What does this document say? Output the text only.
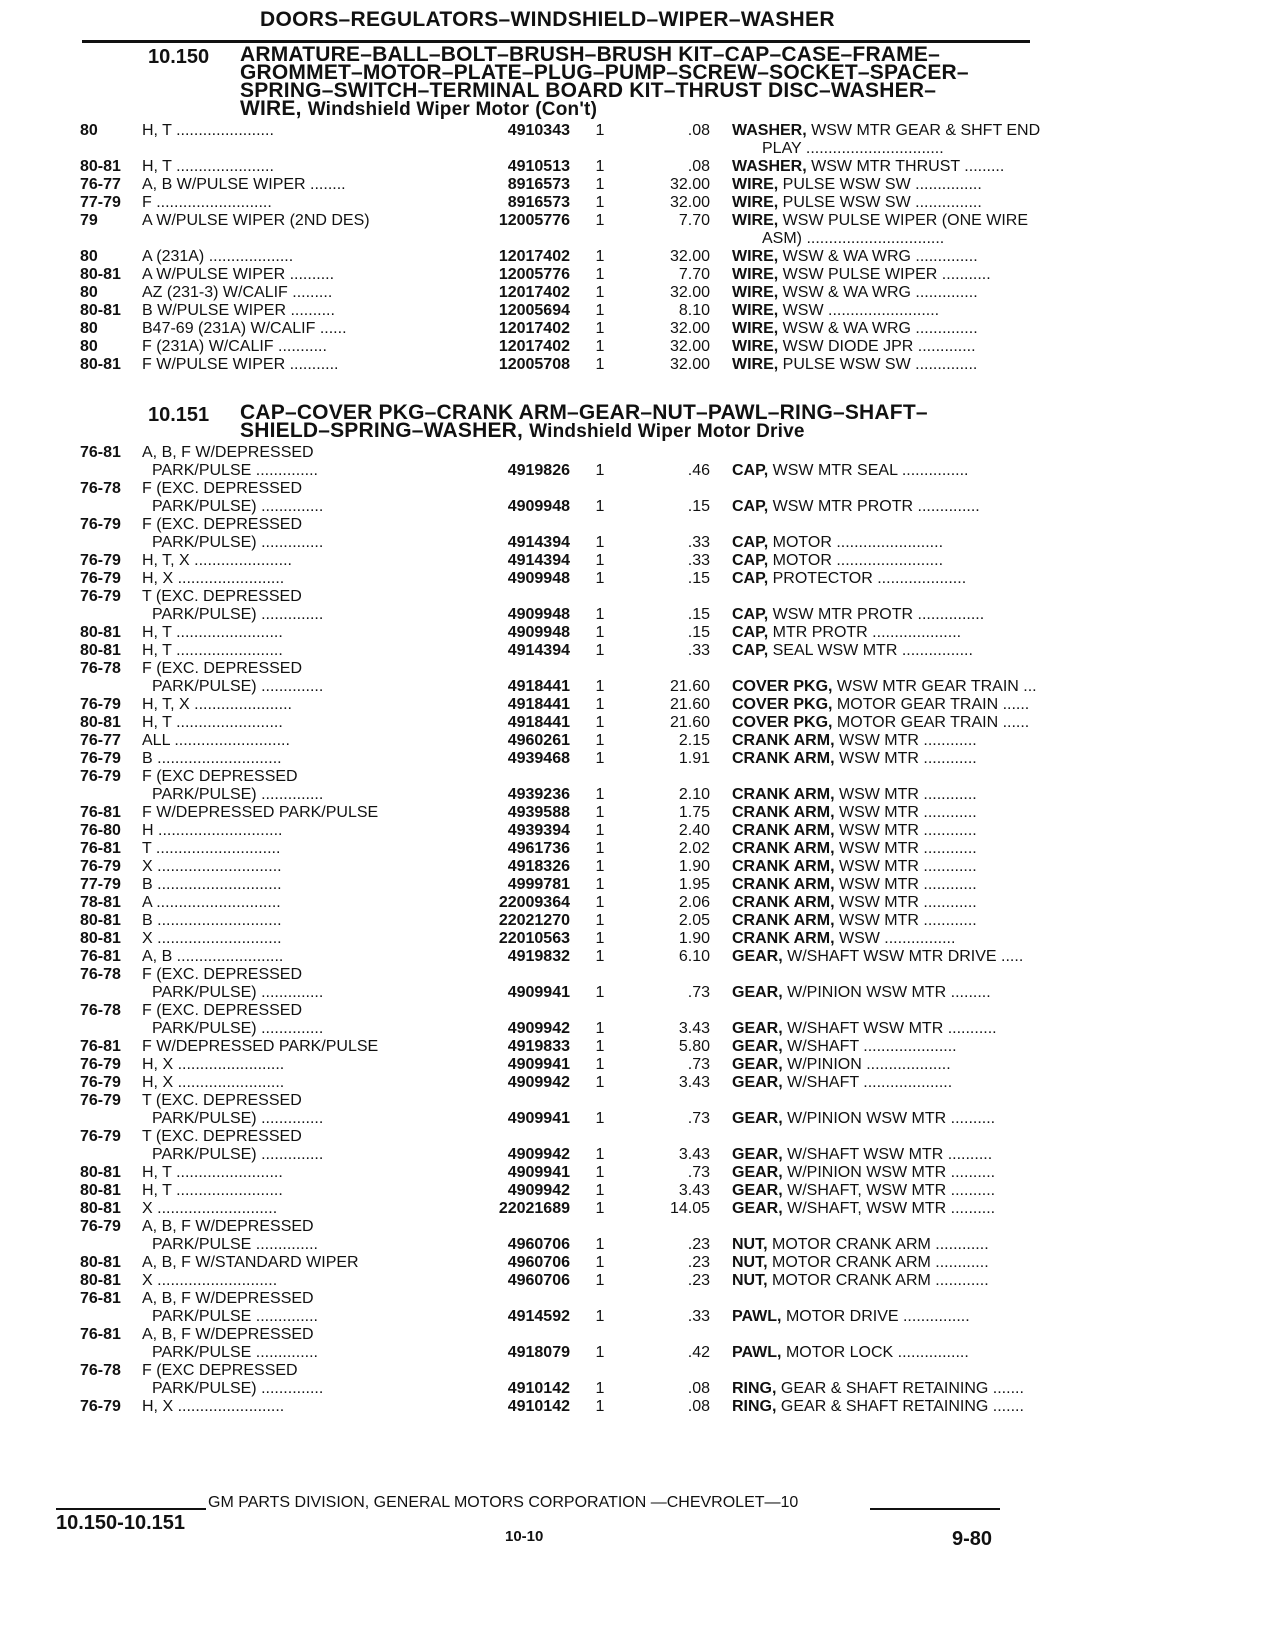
DOORS–REGULATORS–WINDSHIELD–WIPER–WASHER
10.150 ARMATURE–BALL–BOLT–BRUSH–BRUSH KIT–CAP–CASE–FRAME–
GROMMET–MOTOR–PLATE–PLUG–PUMP–SCREW–SOCKET–SPACER–
SPRING–SWITCH–TERMINAL BOARD KIT–THRUST DISC–WASHER–
WIRE, Windshield Wiper Motor (Con't)
80	H, T ......................	4910343	1	.08 WASHER, WSW MTR GEAR & SHFT END
PLAY ...............................
80-81	H, T ......................	4910513	1	.08 WASHER, WSW MTR THRUST .........
76-77	A, B W/PULSE WIPER ........	8916573	1	32.00 WIRE, PULSE WSW SW ...............
77-79	F ..........................	8916573	1	32.00 WIRE, PULSE WSW SW ...............
79	A W/PULSE WIPER (2ND DES)	12005776	1	7.70 WIRE, WSW PULSE WIPER (ONE WIRE
ASM) ...............................
80	A (231A) ...................	12017402	1	32.00 WIRE, WSW & WA WRG ..............
80-81	A W/PULSE WIPER ..........	12005776	1	7.70 WIRE, WSW PULSE WIPER ...........
80	AZ (231-3) W/CALIF .........	12017402	1	32.00 WIRE, WSW & WA WRG ..............
80-81	B W/PULSE WIPER ..........	12005694	1	8.10 WIRE, WSW .........................
80	B47-69 (231A) W/CALIF ......	12017402	1	32.00 WIRE, WSW & WA WRG ..............
80	F (231A) W/CALIF ...........	12017402	1	32.00 WIRE, WSW DIODE JPR .............
80-81	F W/PULSE WIPER ...........	12005708	1	32.00 WIRE, PULSE WSW SW ..............
10.151 CAP–COVER PKG–CRANK ARM–GEAR–NUT–PAWL–RING–SHAFT–
SHIELD–SPRING–WASHER, Windshield Wiper Motor Drive
76-81	A, B, F W/DEPRESSED
PARK/PULSE ..............	4919826	1	.46 CAP, WSW MTR SEAL ...............
76-78	F (EXC. DEPRESSED
PARK/PULSE) ..............	4909948	1	.15 CAP, WSW MTR PROTR ..............
76-79	F (EXC. DEPRESSED
PARK/PULSE) ..............	4914394	1	.33 CAP, MOTOR ........................
76-79	H, T, X ......................	4914394	1	.33 CAP, MOTOR ........................
76-79	H, X ........................	4909948	1	.15 CAP, PROTECTOR ....................
76-79	T (EXC. DEPRESSED
PARK/PULSE) ..............	4909948	1	.15 CAP, WSW MTR PROTR ...............
80-81	H, T ........................	4909948	1	.15 CAP, MTR PROTR ....................
80-81	H, T ........................	4914394	1	.33 CAP, SEAL WSW MTR ................
76-78	F (EXC. DEPRESSED
PARK/PULSE) ..............	4918441	1	21.60 COVER PKG, WSW MTR GEAR TRAIN ...
76-79	H, T, X ......................	4918441	1	21.60 COVER PKG, MOTOR GEAR TRAIN ......
80-81	H, T ........................	4918441	1	21.60 COVER PKG, MOTOR GEAR TRAIN ......
76-77	ALL ..........................	4960261	1	2.15 CRANK ARM, WSW MTR ............
76-79	B ............................	4939468	1	1.91 CRANK ARM, WSW MTR ............
76-79	F (EXC DEPRESSED
PARK/PULSE) ..............	4939236	1	2.10 CRANK ARM, WSW MTR ............
76-81	F W/DEPRESSED PARK/PULSE	4939588	1	1.75 CRANK ARM, WSW MTR ............
76-80	H ............................	4939394	1	2.40 CRANK ARM, WSW MTR ............
76-81	T ............................	4961736	1	2.02 CRANK ARM, WSW MTR ............
76-79	X ............................	4918326	1	1.90 CRANK ARM, WSW MTR ............
77-79	B ............................	4999781	1	1.95 CRANK ARM, WSW MTR ............
78-81	A ............................	22009364	1	2.06 CRANK ARM, WSW MTR ............
80-81	B ............................	22021270	1	2.05 CRANK ARM, WSW MTR ............
80-81	X ............................	22010563	1	1.90 CRANK ARM, WSW ................
76-81	A, B ........................	4919832	1	6.10 GEAR, W/SHAFT WSW MTR DRIVE .....
76-78	F (EXC. DEPRESSED
PARK/PULSE) ..............	4909941	1	.73 GEAR, W/PINION WSW MTR .........
76-78	F (EXC. DEPRESSED
PARK/PULSE) ..............	4909942	1	3.43 GEAR, W/SHAFT WSW MTR ...........
76-81	F W/DEPRESSED PARK/PULSE	4919833	1	5.80 GEAR, W/SHAFT .....................
76-79	H, X ........................	4909941	1	.73 GEAR, W/PINION ...................
76-79	H, X ........................	4909942	1	3.43 GEAR, W/SHAFT ....................
76-79	T (EXC. DEPRESSED
PARK/PULSE) ..............	4909941	1	.73 GEAR, W/PINION WSW MTR ..........
76-79	T (EXC. DEPRESSED
PARK/PULSE) ..............	4909942	1	3.43 GEAR, W/SHAFT WSW MTR ..........
80-81	H, T ........................	4909941	1	.73 GEAR, W/PINION WSW MTR ..........
80-81	H, T ........................	4909942	1	3.43 GEAR, W/SHAFT, WSW MTR ..........
80-81	X ...........................	22021689	1	14.05 GEAR, W/SHAFT, WSW MTR ..........
76-79	A, B, F W/DEPRESSED
PARK/PULSE ..............	4960706	1	.23 NUT, MOTOR CRANK ARM ............
80-81	A, B, F W/STANDARD WIPER	4960706	1	.23 NUT, MOTOR CRANK ARM ............
80-81	X ...........................	4960706	1	.23 NUT, MOTOR CRANK ARM ............
76-81	A, B, F W/DEPRESSED
PARK/PULSE ..............	4914592	1	.33 PAWL, MOTOR DRIVE ...............
76-81	A, B, F W/DEPRESSED
PARK/PULSE ..............	4918079	1	.42 PAWL, MOTOR LOCK ................
76-78	F (EXC DEPRESSED
PARK/PULSE) ..............	4910142	1	.08 RING, GEAR & SHAFT RETAINING .......
76-79	H, X ........................	4910142	1	.08 RING, GEAR & SHAFT RETAINING .......
GM PARTS DIVISION, GENERAL MOTORS CORPORATION —CHEVROLET—10
10.150-10.151
10-10	9-80
